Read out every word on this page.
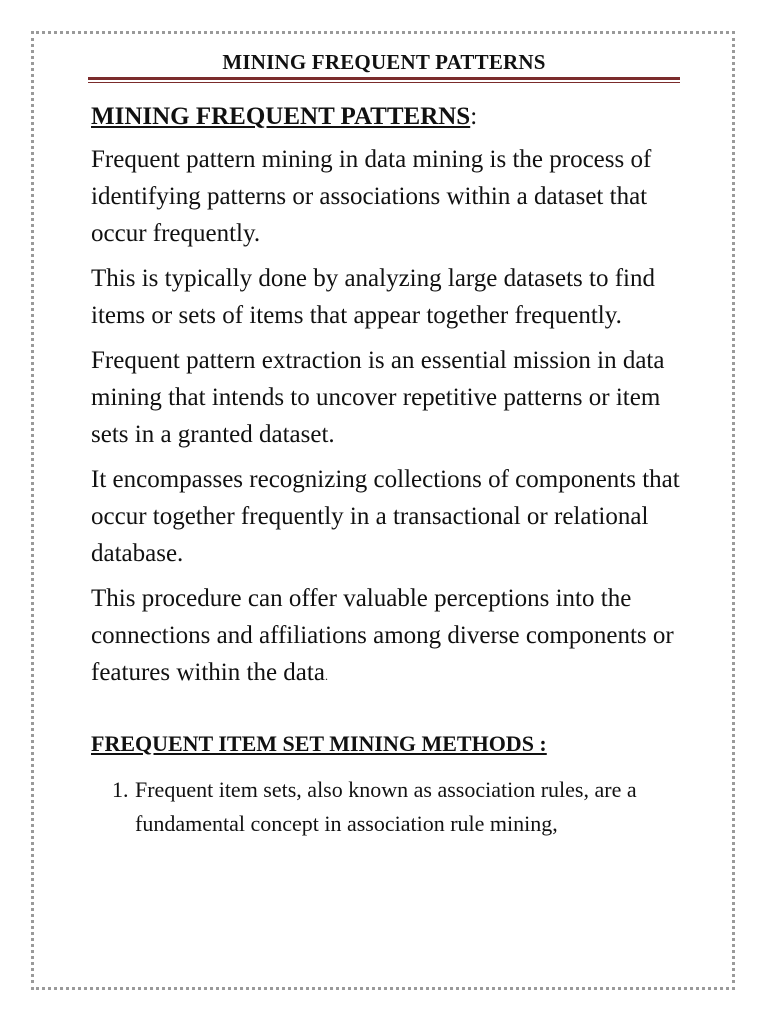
MINING FREQUENT PATTERNS
MINING FREQUENT PATTERNS:

Frequent pattern mining in data mining is the process of identifying patterns or associations within a dataset that occur frequently.

This is typically done by analyzing large datasets to find items or sets of items that appear together frequently.

Frequent pattern extraction is an essential mission in data mining that intends to uncover repetitive patterns or item sets in a granted dataset.

It encompasses recognizing collections of components that occur together frequently in a transactional or relational database.

This procedure can offer valuable perceptions into the connections and affiliations among diverse components or features within the data.

FREQUENT ITEM SET MINING METHODS :
1. Frequent item sets, also known as association rules, are a fundamental concept in association rule mining,
